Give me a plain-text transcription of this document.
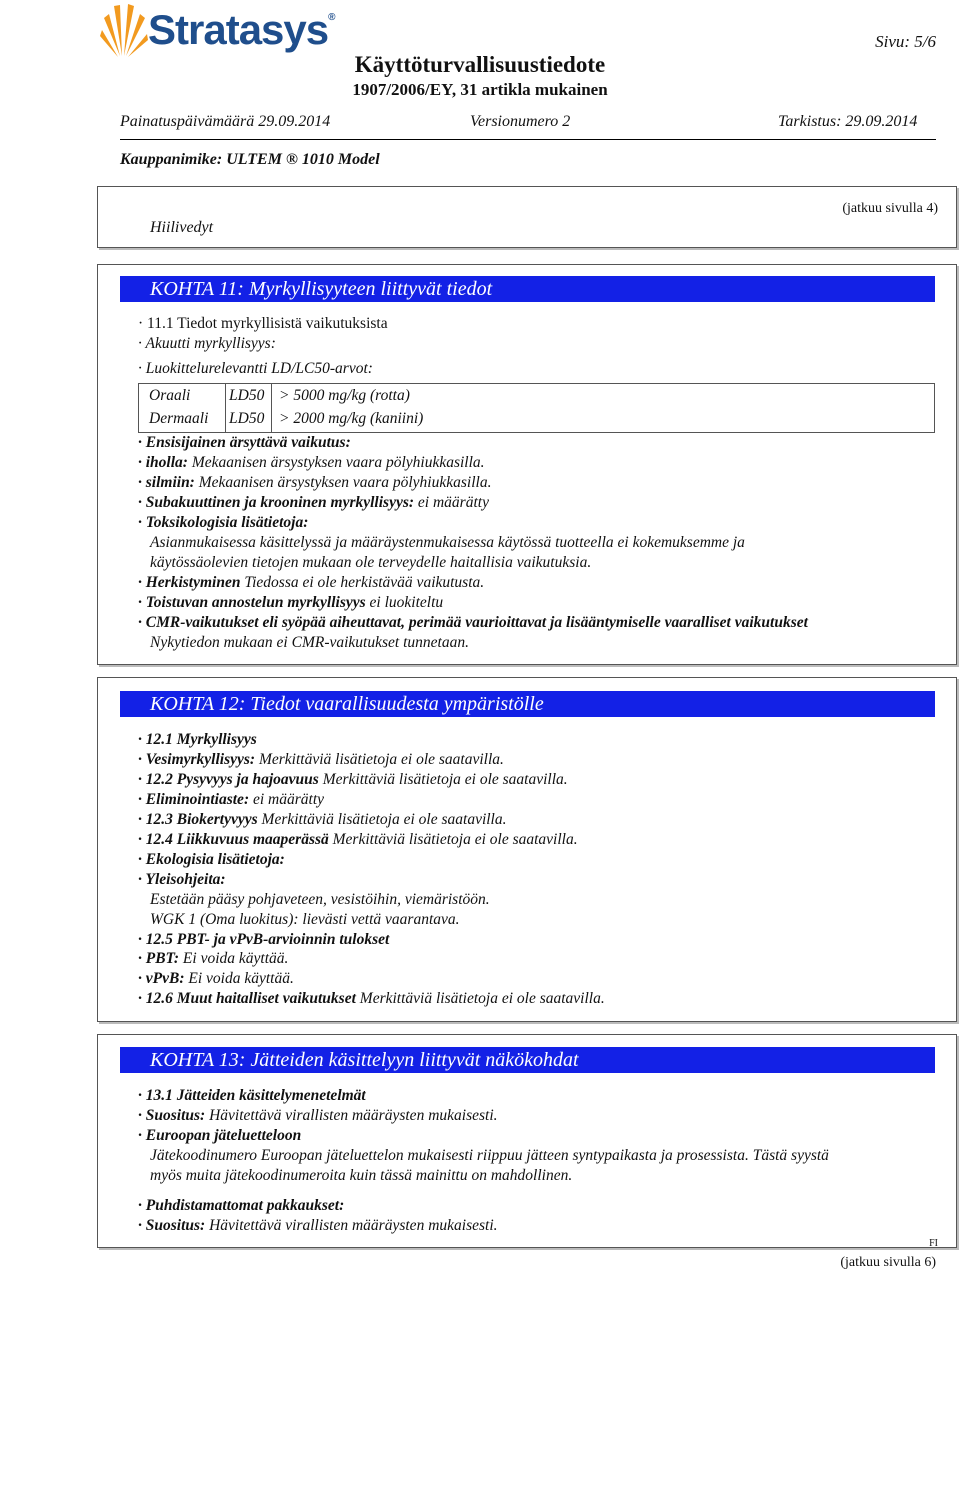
Stratasys®
Sivu: 5/6
Käyttöturvallisuustiedote
1907/2006/EY, 31 artikla mukainen
Painatuspäivämäärä 29.09.2014	Versionumero 2	Tarkistus: 29.09.2014
Kauppanimike: ULTEM ® 1010 Model
Hiilivedyt
(jatkuu sivulla 4)
KOHTA 11: Myrkyllisyyteen liittyvät tiedot
· 11.1 Tiedot myrkyllisistä vaikutuksista
· Akuutti myrkyllisyys:
· Luokittelurelevantti LD/LC50-arvot:
Oraali LD50 > 5000 mg/kg (rotta)
Dermaali LD50 > 2000 mg/kg (kaniini)
· Ensisijainen ärsyttävä vaikutus:
· iholla: Mekaanisen ärsystyksen vaara pölyhiukkasilla.
· silmiin: Mekaanisen ärsystyksen vaara pölyhiukkasilla.
· Subakuuttinen ja krooninen myrkyllisyys: ei määrätty
· Toksikologisia lisätietoja:
Asianmukaisessa käsittelyssä ja määräystenmukaisessa käytössä tuotteella ei kokemuksemme ja
käytössäolevien tietojen mukaan ole terveydelle haitallisia vaikutuksia.
· Herkistyminen Tiedossa ei ole herkistävää vaikutusta.
· Toistuvan annostelun myrkyllisyys ei luokiteltu
· CMR-vaikutukset eli syöpää aiheuttavat, perimää vaurioittavat ja lisääntymiselle vaaralliset vaikutukset
Nykytiedon mukaan ei CMR-vaikutukset tunnetaan.
KOHTA 12: Tiedot vaarallisuudesta ympäristölle
· 12.1 Myrkyllisyys
· Vesimyrkyllisyys: Merkittäviä lisätietoja ei ole saatavilla.
· 12.2 Pysyvyys ja hajoavuus Merkittäviä lisätietoja ei ole saatavilla.
· Eliminointiaste: ei määrätty
· 12.3 Biokertyvyys Merkittäviä lisätietoja ei ole saatavilla.
· 12.4 Liikkuvuus maaperässä Merkittäviä lisätietoja ei ole saatavilla.
· Ekologisia lisätietoja:
· Yleisohjeita:
Estetään pääsy pohjaveteen, vesistöihin, viemäristöön.
WGK 1 (Oma luokitus): lievästi vettä vaarantava.
· 12.5 PBT- ja vPvB-arvioinnin tulokset
· PBT: Ei voida käyttää.
· vPvB: Ei voida käyttää.
· 12.6 Muut haitalliset vaikutukset Merkittäviä lisätietoja ei ole saatavilla.
KOHTA 13: Jätteiden käsittelyyn liittyvät näkökohdat
· 13.1 Jätteiden käsittelymenetelmät
· Suositus: Hävitettävä virallisten määräysten mukaisesti.
· Euroopan jäteluetteloon
Jätekoodinumero Euroopan jäteluettelon mukaisesti riippuu jätteen syntypaikasta ja prosessista. Tästä syystä
myös muita jätekoodinumeroita kuin tässä mainittu on mahdollinen.
· Puhdistamattomat pakkaukset:
· Suositus: Hävitettävä virallisten määräysten mukaisesti.
FI
(jatkuu sivulla 6)
